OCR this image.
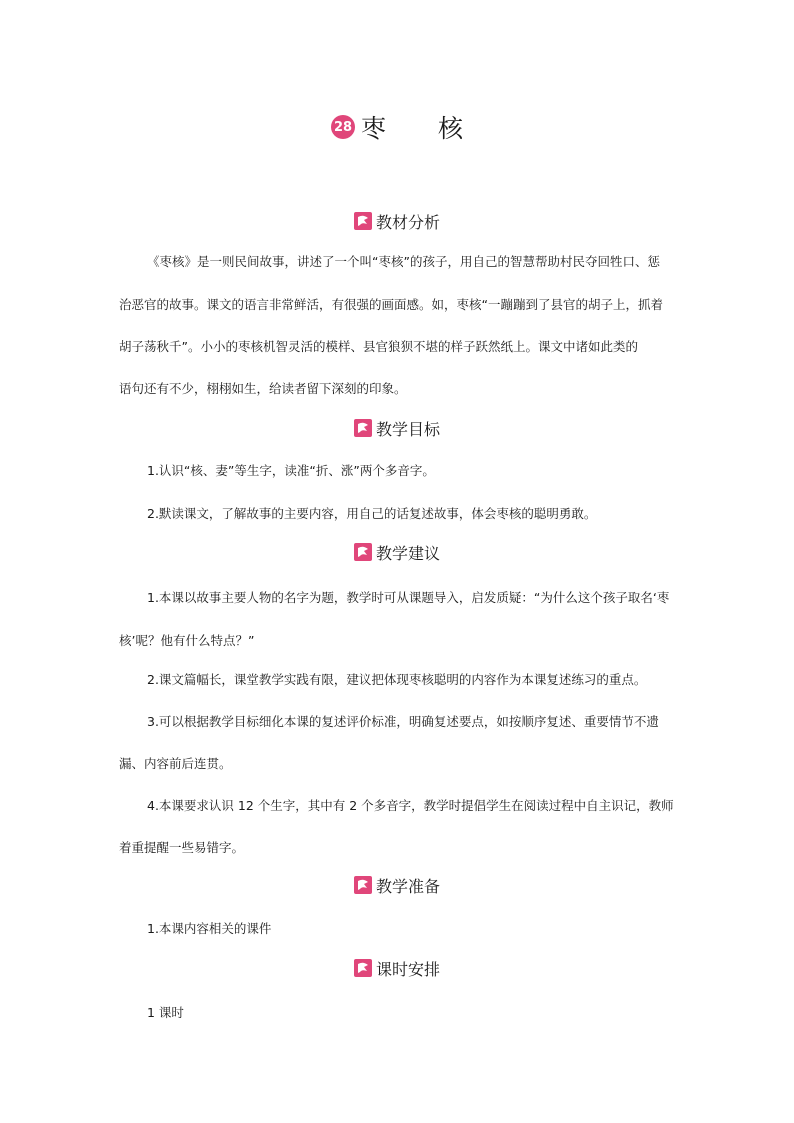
28 枣 核
教材分析
《枣核》是一则民间故事，讲述了一个叫“枣核”的孩子，用自己的智慧帮助村民夺回牲口、惩
治恶官的故事。课文的语言非常鲜活，有很强的画面感。如，枣核“一蹦蹦到了县官的胡子上，抓着
胡子荡秋千”。小小的枣核机智灵活的模样、县官狼狈不堪的样子跃然纸上。课文中诸如此类的
语句还有不少，栩栩如生，给读者留下深刻的印象。
教学目标
1.认识“核、妻”等生字，读准“折、涨”两个多音字。
2.默读课文，了解故事的主要内容，用自己的话复述故事，体会枣核的聪明勇敢。
教学建议
1.本课以故事主要人物的名字为题，教学时可从课题导入，启发质疑：“为什么这个孩子取名‘枣
核’呢？他有什么特点？”
2.课文篇幅长，课堂教学实践有限，建议把体现枣核聪明的内容作为本课复述练习的重点。
3.可以根据教学目标细化本课的复述评价标准，明确复述要点，如按顺序复述、重要情节不遗
漏、内容前后连贯。
4.本课要求认识 12 个生字，其中有 2 个多音字，教学时提倡学生在阅读过程中自主识记，教师
着重提醒一些易错字。
教学准备
1.本课内容相关的课件
课时安排
1 课时
